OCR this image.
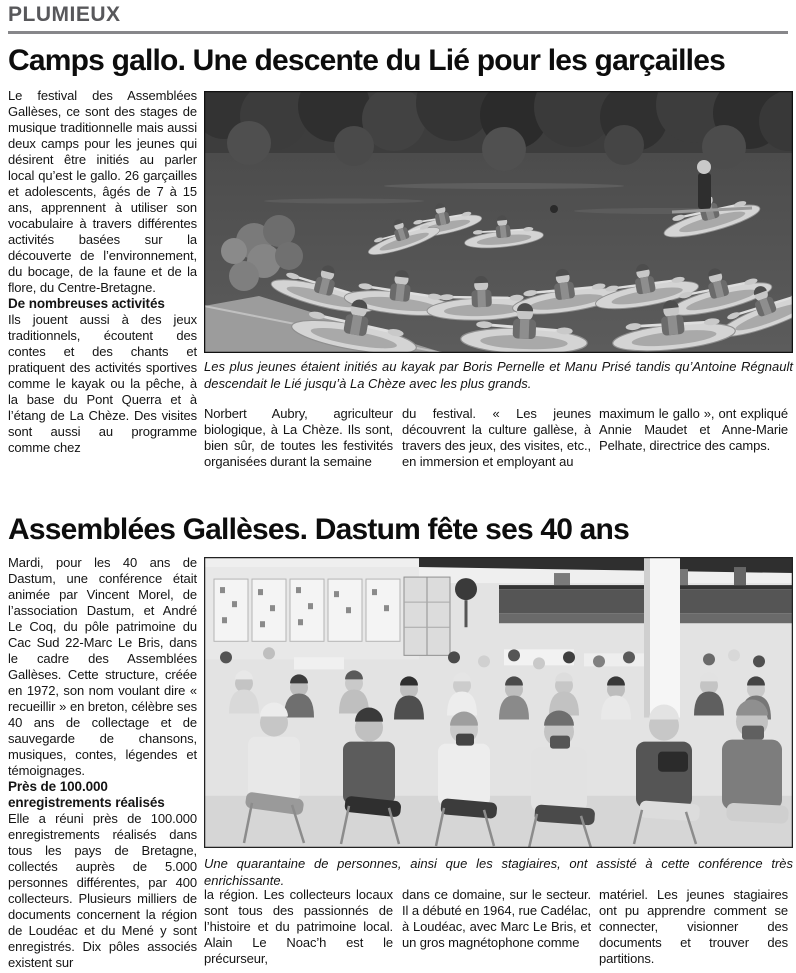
PLUMIEUX
Camps gallo. Une descente du Lié pour les garçailles

Le festival des Assemblées Gallèses, ce sont des stages de musique traditionnelle mais aussi deux camps pour les jeunes qui désirent être initiés au parler local qu’est le gallo. 26 garçailles et adolescents, âgés de 7 à 15 ans, apprennent à utiliser son vocabulaire à travers différentes activités basées sur la découverte de l’environnement, du bocage, de la faune et de la flore, du Centre-Bretagne.

De nombreuses activités

Ils jouent aussi à des jeux traditionnels, écoutent des contes et des chants et pratiquent des activités sportives comme le kayak ou la pêche, à la base du Pont Querra et à l’étang de La Chèze. Des visites sont aussi au programme comme chez

Les plus jeunes étaient initiés au kayak par Boris Pernelle et Manu Prisé tandis qu’Antoine Régnault descendait le Lié jusqu’à La Chèze avec les plus grands.

Norbert Aubry, agriculteur biologique, à La Chèze. Ils sont, bien sûr, de toutes les festivités organisées durant la semaine

du festival. « Les jeunes découvrent la culture gallèse, à travers des jeux, des visites, etc., en immersion et employant au

maximum le gallo », ont expliqué Annie Maudet et Anne-Marie Pelhate, directrice des camps.

Assemblées Gallèses. Dastum fête ses 40 ans

Mardi, pour les 40 ans de Dastum, une conférence était animée par Vincent Morel, de l’association Dastum, et André Le Coq, du pôle patrimoine du Cac Sud 22-Marc Le Bris, dans le cadre des Assemblées Gallèses. Cette structure, créée en 1972, son nom voulant dire « recueillir » en breton, célèbre ses 40 ans de collectage et de sauvegarde de chansons, musiques, contes, légendes et témoignages.

Près de 100.000 enregistrements réalisés

Elle a réuni près de 100.000 enregistrements réalisés dans tous les pays de Bretagne, collectés auprès de 5.000 personnes différentes, par 400 collecteurs. Plusieurs milliers de documents concernent la région de Loudéac et du Mené y sont enregistrés. Dix pôles associés existent sur

Une quarantaine de personnes, ainsi que les stagiaires, ont assisté à cette conférence très enrichissante.

la région. Les collecteurs locaux sont tous des passionnés de l’histoire et du patrimoine local. Alain Le Noac’h est le précurseur,

dans ce domaine, sur le secteur. Il a débuté en 1964, rue Cadélac, à Loudéac, avec Marc Le Bris, et un gros magnétophone comme

matériel. Les jeunes stagiaires ont pu apprendre comment se connecter, visionner des documents et trouver des partitions.
